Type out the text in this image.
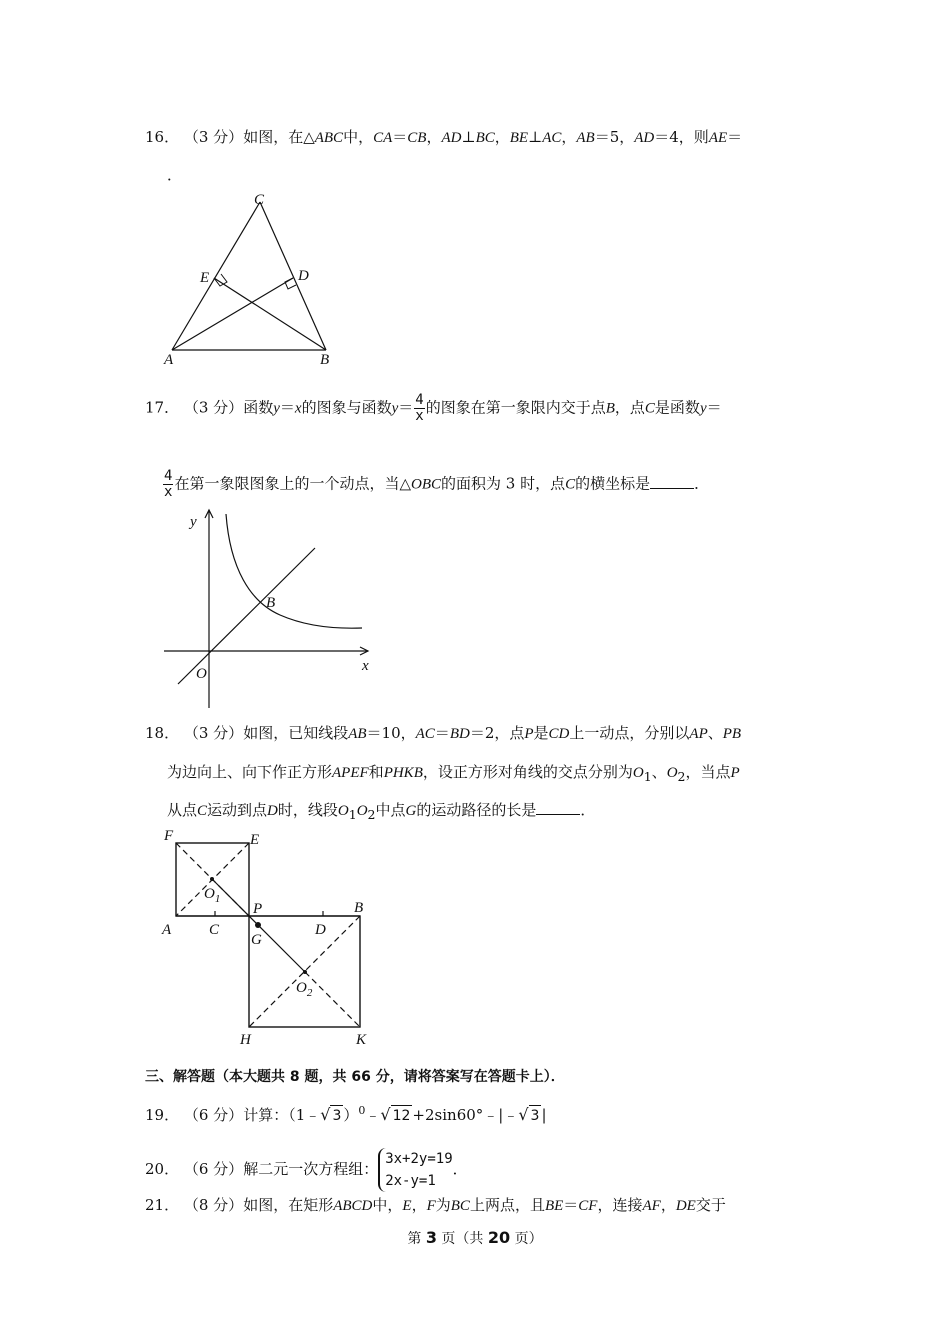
16． （3 分）如图，在△ABC中，CA＝CB，AD⊥BC，BE⊥AC，AB＝5，AD＝4，则AE＝
．
C
E	D
A	B
17． （3 分）函数y＝x的图象与函数$y= \frac{4}{x}$ 的图象在第一象限内交于点B，点C是函数y＝
$\frac{4}{x}$ 在第一象限图象上的一个动点，当△OBC的面积为 3 时，点C的横坐标是	．
y
x
O
B
18． （3 分）如图，已知线段AB＝10，AC＝BD＝2，点P是CD上一动点，分别以AP、PB
为边向上、向下作正方形APEF和PHKB，设正方形对角线的交点分别为$O_1$、$O_2$，当点P
从点C运动到点D时，线段$O_1O_2$中点G的运动路径的长是	．
F	E
$O_1$
A	C
P
G
D
B
$O_2$
H	K
三、解答题（本大题共 8 题，共 66 分，请将答案写在答题卡上）．
19． （6 分）计算：（1﹣√ 3 ）$^0$﹣√ 12 +2sin60°﹣|﹣√ 3 |
20． （6 分）解二元一次方程组：
3x+2y=19
2x-y=1
．
21． （8 分）如图，在矩形ABCD中，E，F为BC上两点，且BE＝CF，连接AF，DE交于
第 3 页（共 20 页）
